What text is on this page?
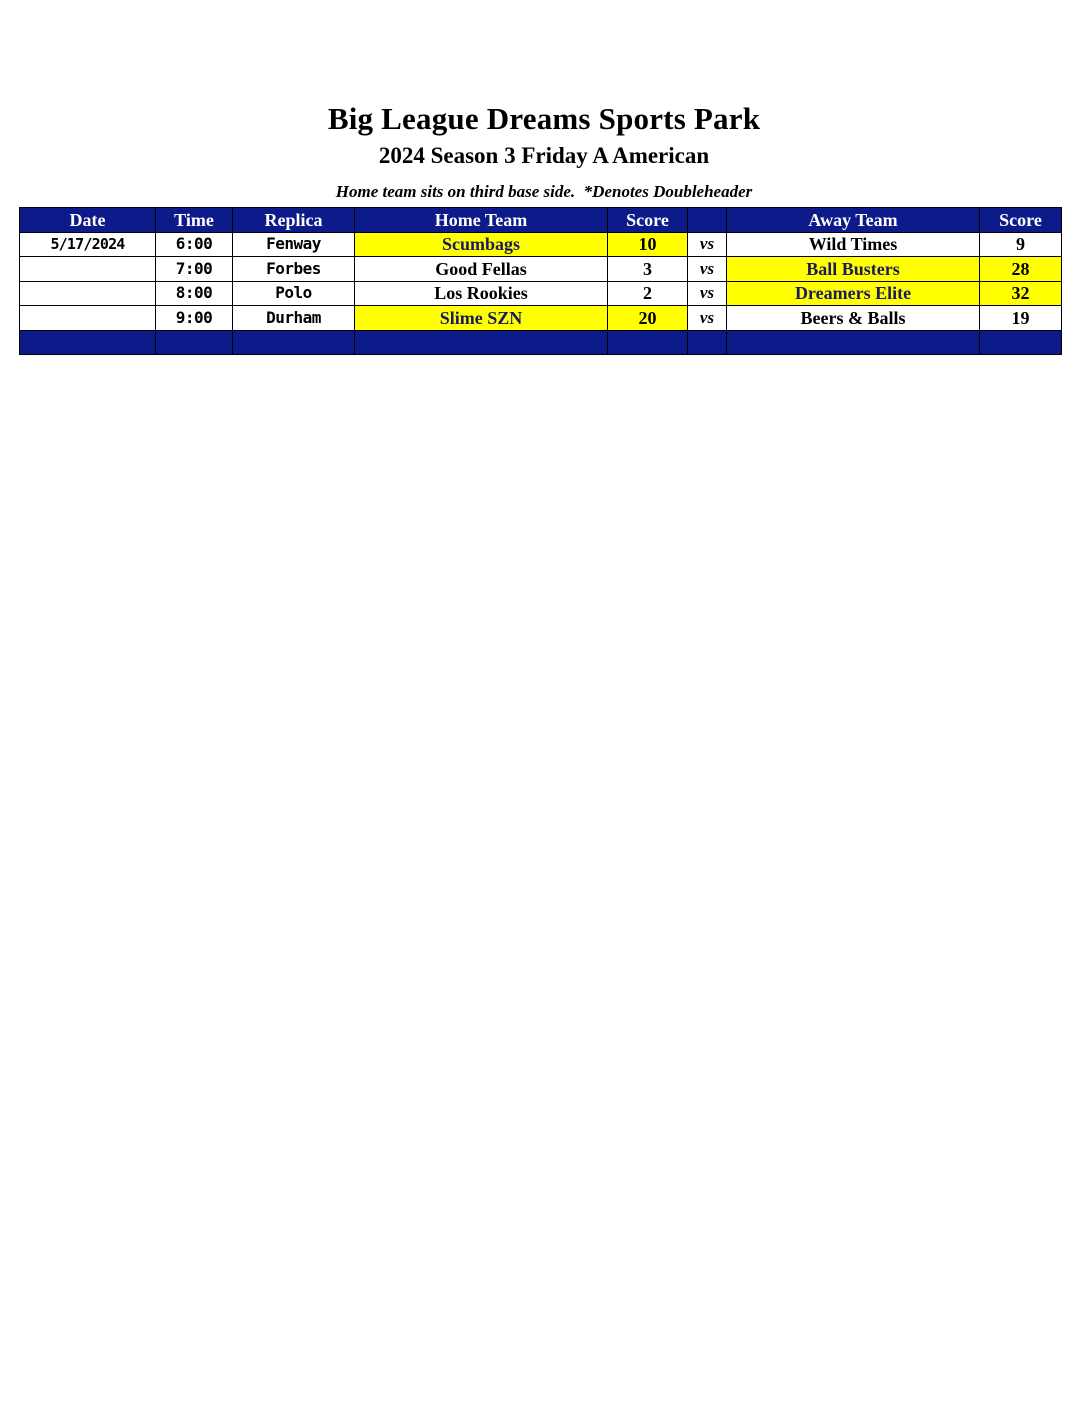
Big League Dreams Sports Park
2024 Season 3 Friday A American
Home team sits on third base side.  *Denotes Doubleheader
Date	Time	Replica	Home Team	Score		Away Team	Score
5/17/2024	6:00	Fenway	Scumbags	10	vs	Wild Times	9
	7:00	Forbes	Good Fellas	3	vs	Ball Busters	28
	8:00	Polo	Los Rookies	2	vs	Dreamers Elite	32
	9:00	Durham	Slime SZN	20	vs	Beers & Balls	19
